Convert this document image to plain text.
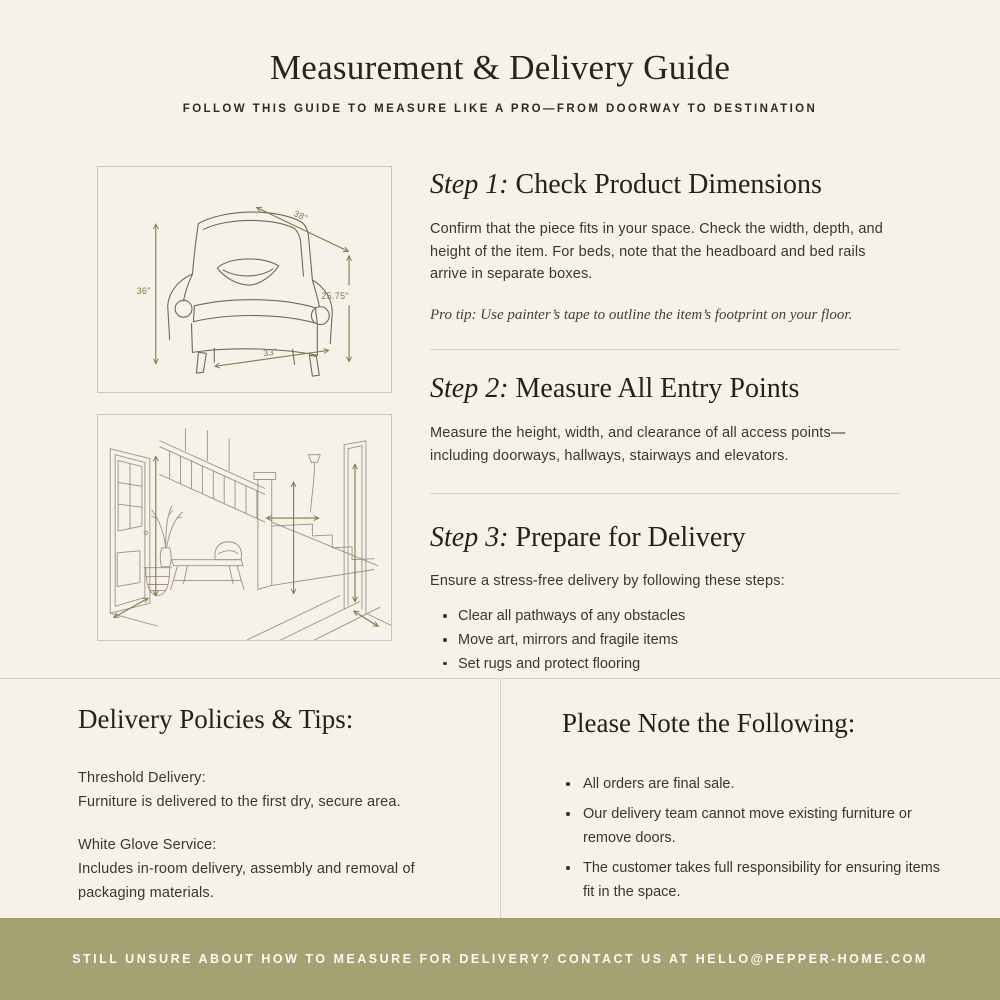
Measurement & Delivery Guide
FOLLOW THIS GUIDE TO MEASURE LIKE A PRO—FROM DOORWAY TO DESTINATION
36"
38"
25.75"
33"
Step 1: Check Product Dimensions
Confirm that the piece fits in your space. Check the width, depth, and height of the item. For beds, note that the headboard and bed rails arrive in separate boxes.
Pro tip: Use painter’s tape to outline the item’s footprint on your floor.
Step 2: Measure All Entry Points
Measure the height, width, and clearance of all access points—including doorways, hallways, stairways and elevators.
Step 3: Prepare for Delivery
Ensure a stress-free delivery by following these steps:
Clear all pathways of any obstacles
Move art, mirrors and fragile items
Set rugs and protect flooring
Delivery Policies & Tips:
Threshold Delivery:
Furniture is delivered to the first dry, secure area.
White Glove Service:
Includes in-room delivery, assembly and removal of packaging materials.
Please Note the Following:
All orders are final sale.
Our delivery team cannot move existing furniture or remove doors.
The customer takes full responsibility for ensuring items fit in the space.
STILL UNSURE ABOUT HOW TO MEASURE FOR DELIVERY? CONTACT US AT HELLO@PEPPER-HOME.COM
